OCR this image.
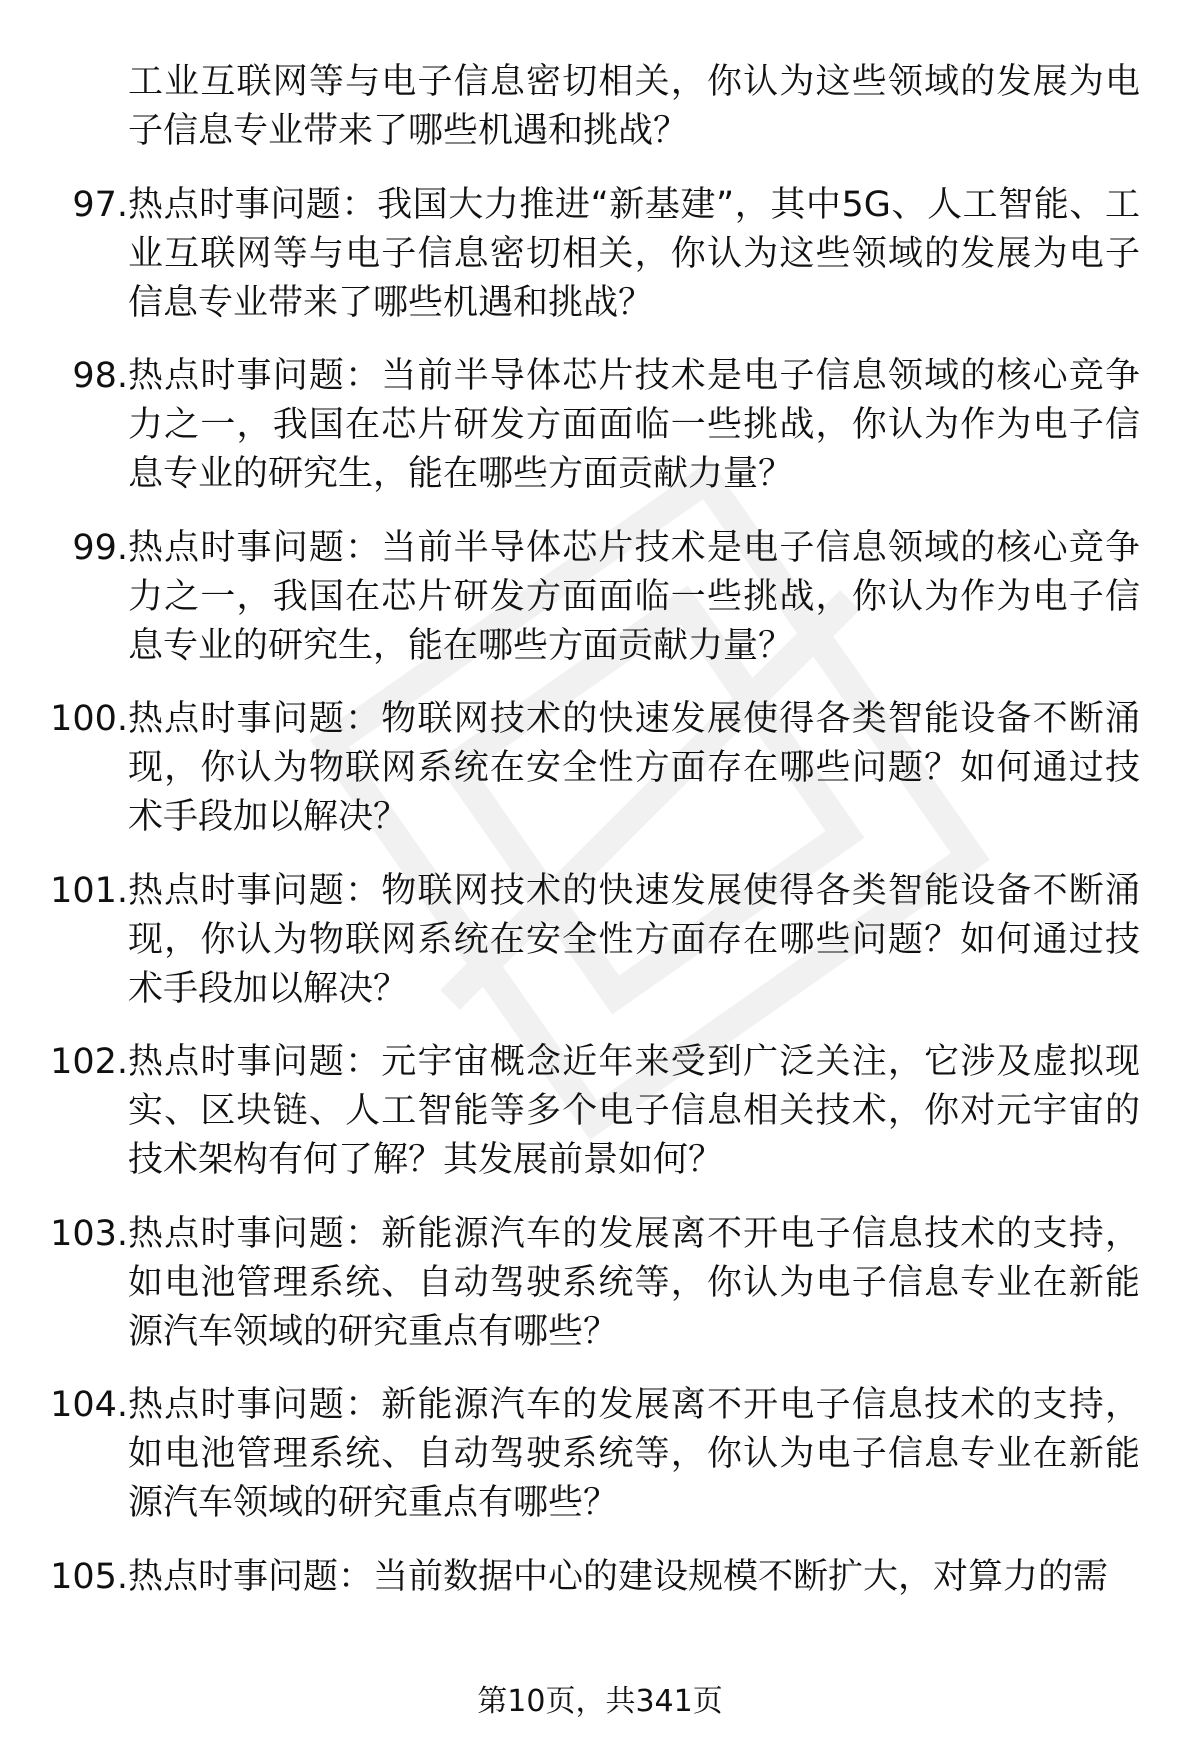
工业互联网等与电子信息密切相关，你认为这些领域的发展为电子信息专业带来了哪些机遇和挑战？
97. 热点时事问题：我国大力推进“新基建”，其中5G、人工智能、工业互联网等与电子信息密切相关，你认为这些领域的发展为电子信息专业带来了哪些机遇和挑战？
98. 热点时事问题：当前半导体芯片技术是电子信息领域的核心竞争力之一，我国在芯片研发方面面临一些挑战，你认为作为电子信息专业的研究生，能在哪些方面贡献力量？
99. 热点时事问题：当前半导体芯片技术是电子信息领域的核心竞争力之一，我国在芯片研发方面面临一些挑战，你认为作为电子信息专业的研究生，能在哪些方面贡献力量？
100. 热点时事问题：物联网技术的快速发展使得各类智能设备不断涌现，你认为物联网系统在安全性方面存在哪些问题？如何通过技术手段加以解决？
101. 热点时事问题：物联网技术的快速发展使得各类智能设备不断涌现，你认为物联网系统在安全性方面存在哪些问题？如何通过技术手段加以解决？
102. 热点时事问题：元宇宙概念近年来受到广泛关注，它涉及虚拟现实、区块链、人工智能等多个电子信息相关技术，你对元宇宙的技术架构有何了解？其发展前景如何？
103. 热点时事问题：新能源汽车的发展离不开电子信息技术的支持，如电池管理系统、自动驾驶系统等，你认为电子信息专业在新能源汽车领域的研究重点有哪些？
104. 热点时事问题：新能源汽车的发展离不开电子信息技术的支持，如电池管理系统、自动驾驶系统等，你认为电子信息专业在新能源汽车领域的研究重点有哪些？
105. 热点时事问题：当前数据中心的建设规模不断扩大，对算力的需
第10页，共341页
